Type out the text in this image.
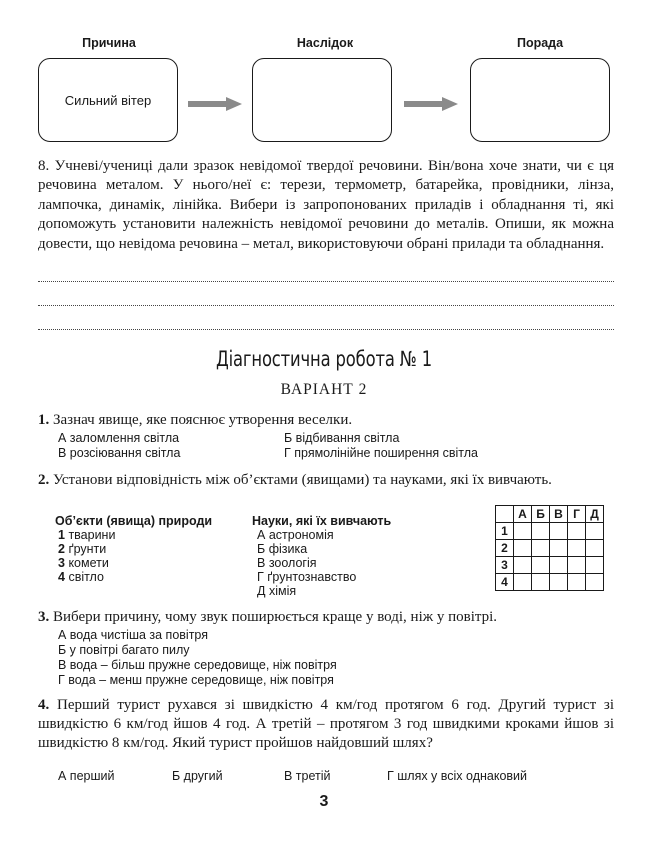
Причина	Наслідок	Порада
Сильний вітер
8. Учневі/учениці дали зразок невідомої твердої речовини. Він/вона хоче знати, чи є ця речовина металом. У нього/неї є: терези, термометр, батарейка, провідники, лінза, лампочка, динамік, лінійка. Вибери із запропонованих приладів і обладнання ті, які допоможуть установити належність невідомої речовини до металів. Опиши, як можна довести, що невідома речовина – метал, використовуючи обрані прилади та обладнання.
Діагностична робота № 1
ВАРІАНТ 2
1. Зазнач явище, яке пояснює утворення веселки.
А заломлення світла	Б відбивання світла
В розсіювання світла	Г прямолінійне поширення світла
2. Установи відповідність між об’єктами (явищами) та науками, які їх вивчають.
Об’єкти (явища) природи
1 тварини
2 ґрунти
3 комети
4 світло
Науки, які їх вивчають
А астрономія
Б фізика
В зоологія
Г ґрунтознавство
Д хімія
	А	Б	В	Г	Д
1					
2					
3					
4					
3. Вибери причину, чому звук поширюється краще у воді, ніж у повітрі.
А вода чистіша за повітря
Б у повітрі багато пилу
В вода – більш пружне середовище, ніж повітря
Г вода – менш пружне середовище, ніж повітря
4. Перший турист рухався зі швидкістю 4 км/год протягом 6 год. Другий турист зі швидкістю 6 км/год йшов 4 год. А третій – протягом 3 год швидкими кроками йшов зі швидкістю 8 км/год. Який турист пройшов найдовший шлях?
А перший	Б другий	В третій	Г шлях у всіх однаковий
3
